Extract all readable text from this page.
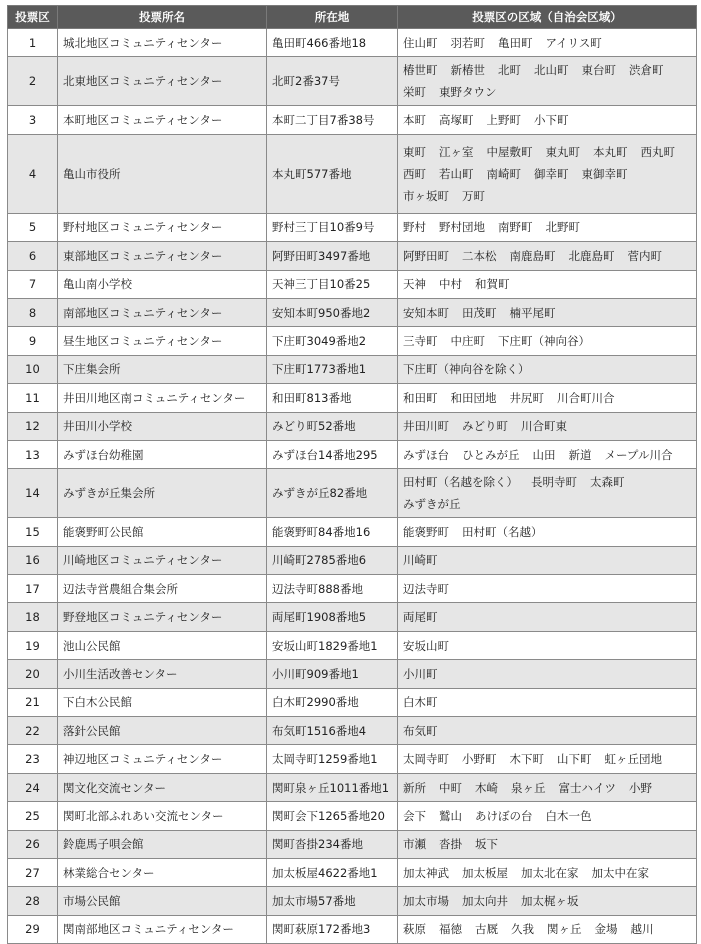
投票区	投票所名	所在地	投票区の区域（自治会区域）
1	城北地区コミュニティセンター	亀田町466番地18	住山町 羽若町 亀田町 アイリス町
2	北東地区コミュニティセンター	北町2番37号	椿世町 新椿世 北町 北山町 東台町 渋倉町栄町 東野タウン
3	本町地区コミュニティセンター	本町二丁目7番38号	本町 高塚町 上野町 小下町
4	亀山市役所	本丸町577番地	東町 江ヶ室 中屋敷町 東丸町 本丸町 西丸町西町 若山町 南崎町 御幸町 東御幸町市ヶ坂町 万町
5	野村地区コミュニティセンター	野村三丁目10番9号	野村 野村団地 南野町 北野町
6	東部地区コミュニティセンター	阿野田町3497番地	阿野田町 二本松 南鹿島町 北鹿島町 菅内町
7	亀山南小学校	天神三丁目10番25	天神 中村 和賀町
8	南部地区コミュニティセンター	安知本町950番地2	安知本町 田茂町 楠平尾町
9	昼生地区コミュニティセンター	下庄町3049番地2	三寺町 中庄町 下庄町（神向谷）
10	下庄集会所	下庄町1773番地1	下庄町（神向谷を除く）
11	井田川地区南コミュニティセンター	和田町813番地	和田町 和田団地 井尻町 川合町川合
12	井田川小学校	みどり町52番地	井田川町 みどり町 川合町東
13	みずほ台幼稚園	みずほ台14番地295	みずほ台 ひとみが丘 山田 新道 メープル川合
14	みずきが丘集会所	みずきが丘82番地	田村町（名越を除く） 長明寺町 太森町みずきが丘
15	能褒野町公民館	能褒野町84番地16	能褒野町 田村町（名越）
16	川崎地区コミュニティセンター	川崎町2785番地6	川崎町
17	辺法寺営農組合集会所	辺法寺町888番地	辺法寺町
18	野登地区コミュニティセンター	両尾町1908番地5	両尾町
19	池山公民館	安坂山町1829番地1	安坂山町
20	小川生活改善センター	小川町909番地1	小川町
21	下白木公民館	白木町2990番地	白木町
22	落針公民館	布気町1516番地4	布気町
23	神辺地区コミュニティセンター	太岡寺町1259番地1	太岡寺町 小野町 木下町 山下町 虹ヶ丘団地
24	関文化交流センター	関町泉ヶ丘1011番地1	新所 中町 木崎 泉ヶ丘 富士ハイツ 小野
25	関町北部ふれあい交流センター	関町会下1265番地20	会下 鷲山 あけぼの台 白木一色
26	鈴鹿馬子唄会館	関町沓掛234番地	市瀬 沓掛 坂下
27	林業総合センター	加太板屋4622番地1	加太神武 加太板屋 加太北在家 加太中在家
28	市場公民館	加太市場57番地	加太市場 加太向井 加太梶ヶ坂
29	関南部地区コミュニティセンター	関町萩原172番地3	萩原 福徳 古厩 久我 関ヶ丘 金場 越川
